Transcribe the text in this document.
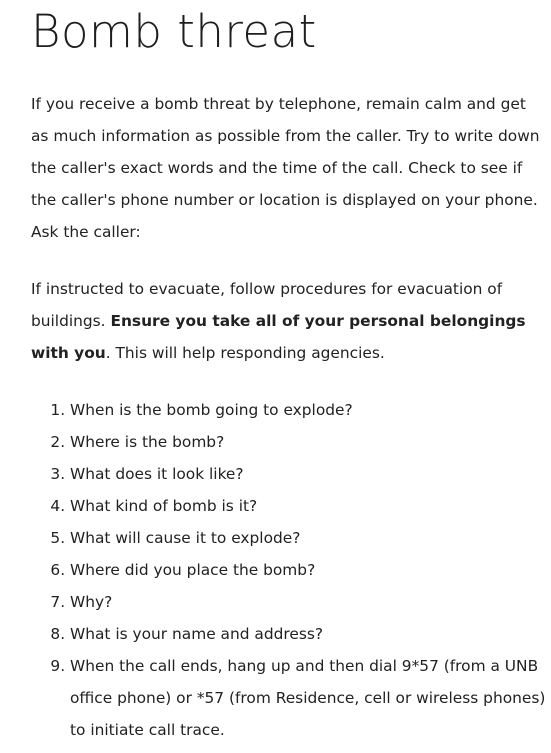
Bomb threat

If you receive a bomb threat by telephone, remain calm and get as much information as possible from the caller. Try to write down the caller's exact words and the time of the call. Check to see if the caller's phone number or location is displayed on your phone. Ask the caller:

If instructed to evacuate, follow procedures for evacuation of buildings. Ensure you take all of your personal belongings with you. This will help responding agencies.

1. When is the bomb going to explode?
2. Where is the bomb?
3. What does it look like?
4. What kind of bomb is it?
5. What will cause it to explode?
6. Where did you place the bomb?
7. Why?
8. What is your name and address?
9. When the call ends, hang up and then dial 9*57 (from a UNB office phone) or *57 (from Residence, cell or wireless phones) to initiate call trace.
